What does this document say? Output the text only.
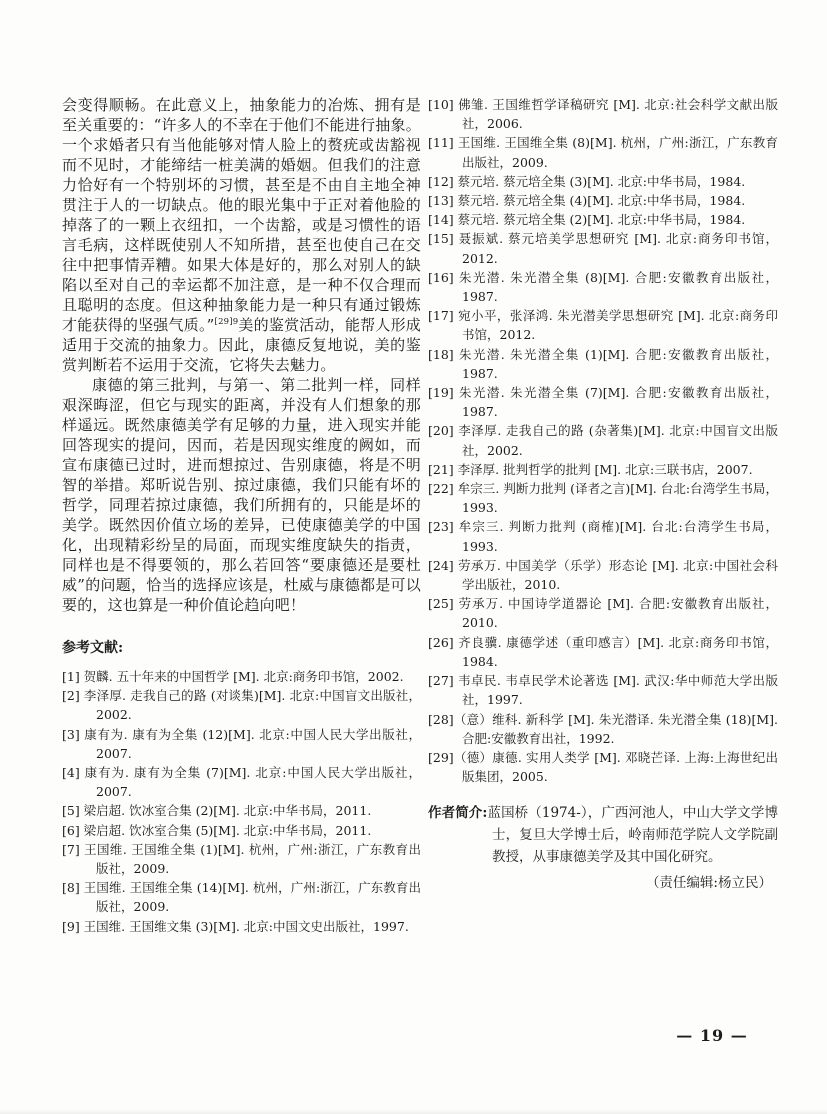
会变得顺畅。在此意义上，抽象能力的冶炼、拥有是至关重要的：“许多人的不幸在于他们不能进行抽象。一个求婚者只有当他能够对情人脸上的赘疣或齿豁视而不见时，才能缔结一桩美满的婚姻。但我们的注意力恰好有一个特别坏的习惯，甚至是不由自主地全神贯注于人的一切缺点。他的眼光集中于正对着他脸的掉落了的一颗上衣纽扣，一个齿豁，或是习惯性的语言毛病，这样既使别人不知所措，甚至也使自己在交往中把事情弄糟。如果大体是好的，那么对别人的缺陷以至对自己的幸运都不加注意，是一种不仅合理而且聪明的态度。但这种抽象能力是一种只有通过锻炼才能获得的坚强气质。”$^{[29]9}$美的鉴赏活动，能帮人形成适用于交流的抽象力。因此，康德反复地说，美的鉴赏判断若不运用于交流，它将失去魅力。

康德的第三批判，与第一、第二批判一样，同样艰深晦涩，但它与现实的距离，并没有人们想象的那样遥远。既然康德美学有足够的力量，进入现实并能回答现实的提问，因而，若是因现实维度的阙如，而宣布康德已过时，进而想掠过、告别康德，将是不明智的举措。郑昕说告别、掠过康德，我们只能有坏的哲学，同理若掠过康德，我们所拥有的，只能是坏的美学。既然因价值立场的差异，已使康德美学的中国化，出现精彩纷呈的局面，而现实维度缺失的指责，同样也是不得要领的，那么若回答“要康德还是要杜威”的问题，恰当的选择应该是，杜威与康德都是可以要的，这也算是一种价值论趋向吧！

参考文献:
[1] 贺麟. 五十年来的中国哲学 [M]. 北京:商务印书馆，2002.
[2] 李泽厚. 走我自己的路 (对谈集)[M]. 北京:中国盲文出版社，2002.
[3] 康有为. 康有为全集 (12)[M]. 北京:中国人民大学出版社，2007.
[4] 康有为. 康有为全集 (7)[M]. 北京:中国人民大学出版社，2007.
[5] 梁启超. 饮冰室合集 (2)[M]. 北京:中华书局，2011.
[6] 梁启超. 饮冰室合集 (5)[M]. 北京:中华书局，2011.
[7] 王国维. 王国维全集 (1)[M]. 杭州，广州:浙江，广东教育出版社，2009.
[8] 王国维. 王国维全集 (14)[M]. 杭州，广州:浙江，广东教育出版社，2009.
[9] 王国维. 王国维文集 (3)[M]. 北京:中国文史出版社，1997.
[10] 佛雏. 王国维哲学译稿研究 [M]. 北京:社会科学文献出版社，2006.
[11] 王国维. 王国维全集 (8)[M]. 杭州，广州:浙江，广东教育出版社，2009.
[12] 蔡元培. 蔡元培全集 (3)[M]. 北京:中华书局，1984.
[13] 蔡元培. 蔡元培全集 (4)[M]. 北京:中华书局，1984.
[14] 蔡元培. 蔡元培全集 (2)[M]. 北京:中华书局，1984.
[15] 聂振斌. 蔡元培美学思想研究 [M]. 北京:商务印书馆，2012.
[16] 朱光潜. 朱光潜全集 (8)[M]. 合肥:安徽教育出版社，1987.
[17] 宛小平，张泽鸿. 朱光潜美学思想研究 [M]. 北京:商务印书馆，2012.
[18] 朱光潜. 朱光潜全集 (1)[M]. 合肥:安徽教育出版社，1987.
[19] 朱光潜. 朱光潜全集 (7)[M]. 合肥:安徽教育出版社，1987.
[20] 李泽厚. 走我自己的路 (杂著集)[M]. 北京:中国盲文出版社，2002.
[21] 李泽厚. 批判哲学的批判 [M]. 北京:三联书店，2007.
[22] 牟宗三. 判断力批判 (译者之言)[M]. 台北:台湾学生书局，1993.
[23] 牟宗三. 判断力批判 (商榷)[M]. 台北:台湾学生书局，1993.
[24] 劳承万. 中国美学（乐学）形态论 [M]. 北京:中国社会科学出版社，2010.
[25] 劳承万. 中国诗学道器论 [M]. 合肥:安徽教育出版社，2010.
[26] 齐良骥. 康德学述（重印感言）[M]. 北京:商务印书馆，1984.
[27] 韦卓民. 韦卓民学术论著选 [M]. 武汉:华中师范大学出版社，1997.
[28]（意）维科. 新科学 [M]. 朱光潜译. 朱光潜全集 (18)[M]. 合肥:安徽教育出社，1992.
[29]（德）康德. 实用人类学 [M]. 邓晓芒译. 上海:上海世纪出版集团，2005.
作者简介:蓝国桥（1974-），广西河池人，中山大学文学博士，复旦大学博士后，岭南师范学院人文学院副教授，从事康德美学及其中国化研究。
（责任编辑:杨立民）
— 19 —
